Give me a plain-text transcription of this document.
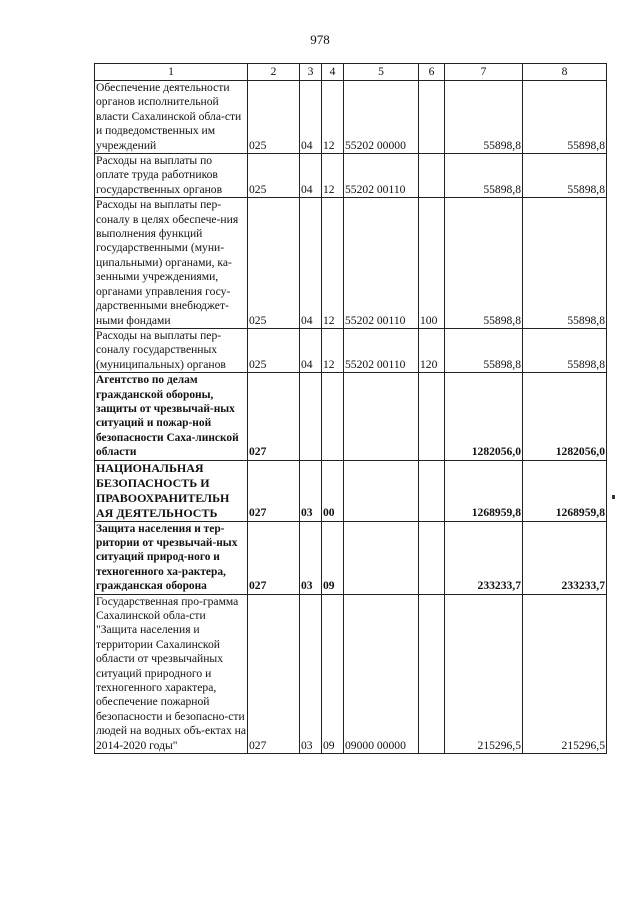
978
1	2	3	4	5	6	7	8
Обеспечение деятельности органов исполнительной власти Сахалинской обла-сти и подведомственных им учреждений	025	04	12	55202 00000		55898,8	55898,8
Расходы на выплаты по оплате труда работников государственных органов	025	04	12	55202 00110		55898,8	55898,8
Расходы на выплаты пер-соналу в целях обеспече-ния выполнения функций государственными (муни-ципальными) органами, ка-зенными учреждениями, органами управления госу-дарственными внебюджет-ными фондами	025	04	12	55202 00110	100	55898,8	55898,8
Расходы на выплаты пер-соналу государственных (муниципальных) органов	025	04	12	55202 00110	120	55898,8	55898,8
Агентство по делам гражданской обороны, защиты от чрезвычай-ных ситуаций и пожар-ной безопасности Саха-линской области	027					1282056,0	1282056,0
НАЦИОНАЛЬНАЯ БЕЗОПАСНОСТЬ И ПРАВООХРАНИТЕЛЬН АЯ ДЕЯТЕЛЬНОСТЬ	027	03	00			1268959,8	1268959,8
Защита населения и тер-ритории от чрезвычай-ных ситуаций природ-ного и техногенного ха-рактера, гражданская оборона	027	03	09			233233,7	233233,7
Государственная про-грамма Сахалинской обла-сти "Защита населения и территории Сахалинской области от чрезвычайных ситуаций природного и техногенного характера, обеспечение пожарной безопасности и безопасно-сти людей на водных объ-ектах на 2014-2020 годы"	027	03	09	09000 00000		215296,5	215296,5
